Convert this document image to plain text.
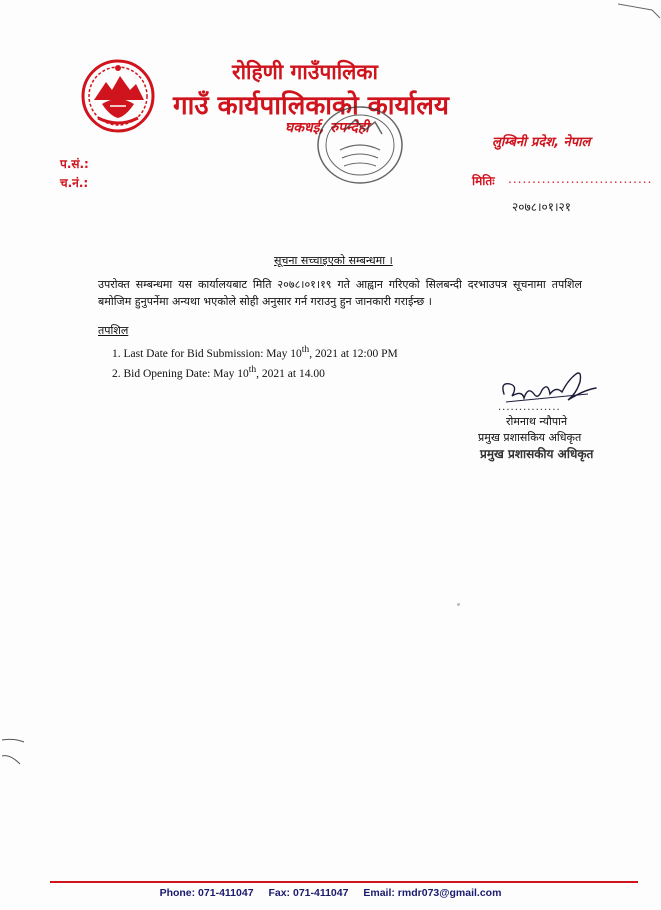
रोहिणी गाउँपालिका
गाउँ कार्यपालिकाको कार्यालय
घकधई, रुपन्देही
लुम्बिनी प्रदेश, नेपाल
प.सं.:
च.नं.:	मितिः ..............................
२०७८।०१।२१
सूचना सच्चाइएको सम्बन्धमा ।
उपरोक्त सम्बन्धमा यस कार्यालयबाट मिति २०७८।०१।१९ गते आह्वान गरिएको सिलबन्दी दरभाउपत्र सूचनामा तपशिल बमोजिम हुनुपर्नेमा अन्यथा भएकोले सोही अनुसार गर्न गराउनु हुन जानकारी गराईन्छ ।
तपशिल
1. Last Date for Bid Submission: May 10th, 2021 at 12:00 PM
2. Bid Opening Date: May 10th, 2021 at 14.00
...............
रोमनाथ न्यौपाने
प्रमुख प्रशासकिय अधिकृत
प्रमुख प्रशासकीय अधिकृत
Phone: 071-411047 Fax: 071-411047 Email: rmdr073@gmail.com
